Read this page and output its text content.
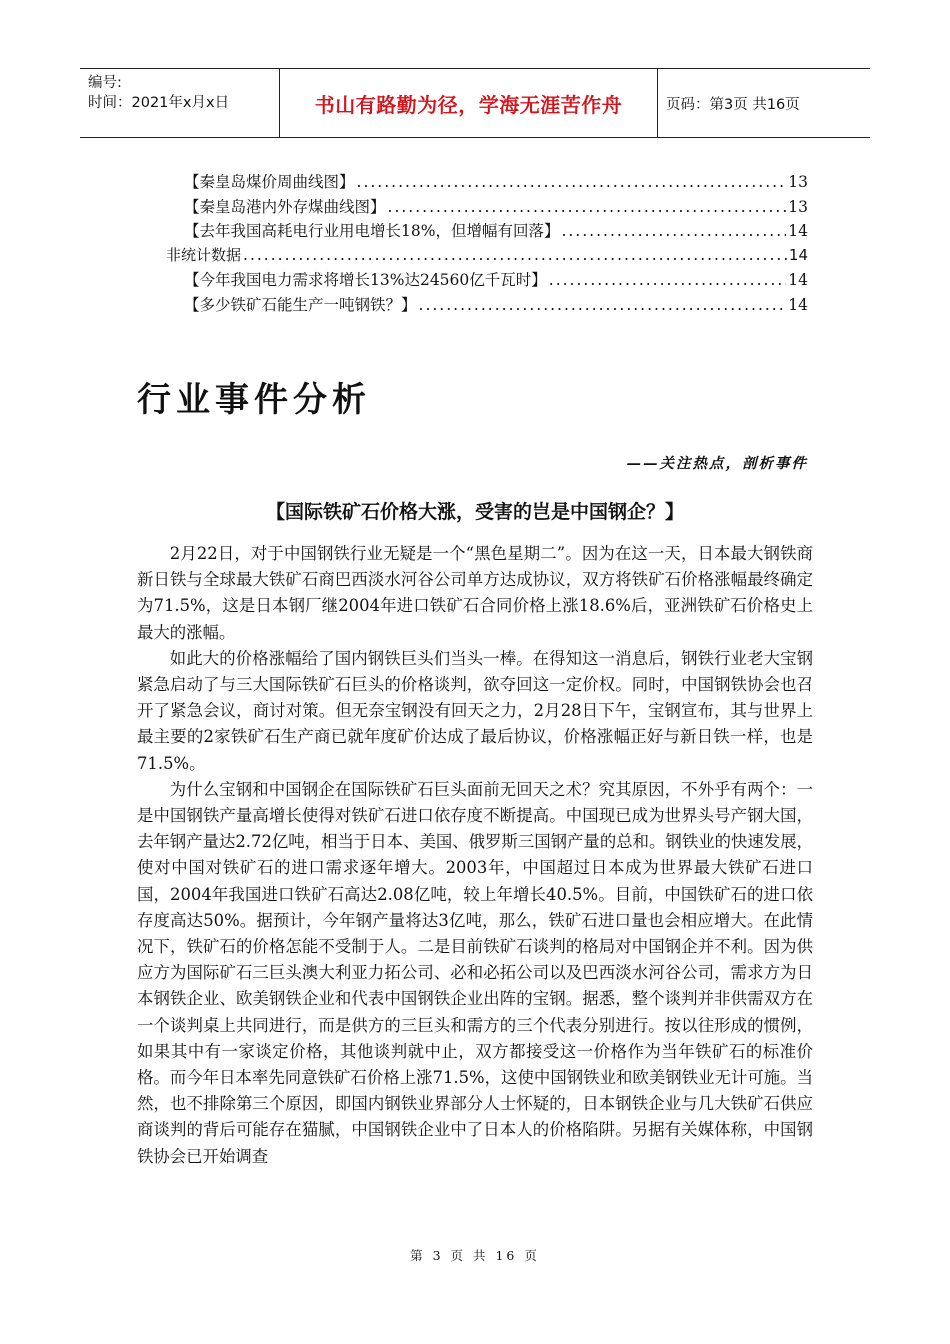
编号:
时间：2021年x月x日	书山有路勤为径，学海无涯苦作舟	页码：第3页 共16页
【秦皇岛煤价周曲线图】 .....	13
【秦皇岛港内外存煤曲线图】 .....	13
【去年我国高耗电行业用电增长18%，但增幅有回落】 .....	14
非统计数据 .....	14
【今年我国电力需求将增长13%达24560亿千瓦时】 .....	14
【多少铁矿石能生产一吨钢铁？】 .....	14
行业事件分析
——关注热点，剖析事件
【国际铁矿石价格大涨，受害的岂是中国钢企？】

2月22日，对于中国钢铁行业无疑是一个“黑色星期二”。因为在这一天，日本最大钢铁商新日铁与全球最大铁矿石商巴西淡水河谷公司单方达成协议，双方将铁矿石价格涨幅最终确定为71.5%，这是日本钢厂继2004年进口铁矿石合同价格上涨18.6%后，亚洲铁矿石价格史上最大的涨幅。

如此大的价格涨幅给了国内钢铁巨头们当头一棒。在得知这一消息后，钢铁行业老大宝钢紧急启动了与三大国际铁矿石巨头的价格谈判，欲夺回这一定价权。同时，中国钢铁协会也召开了紧急会议，商讨对策。但无奈宝钢没有回天之力，2月28日下午，宝钢宣布，其与世界上最主要的2家铁矿石生产商已就年度矿价达成了最后协议，价格涨幅正好与新日铁一样，也是71.5%。

为什么宝钢和中国钢企在国际铁矿石巨头面前无回天之术？究其原因，不外乎有两个：一是中国钢铁产量高增长使得对铁矿石进口依存度不断提高。中国现已成为世界头号产钢大国，去年钢产量达2.72亿吨，相当于日本、美国、俄罗斯三国钢产量的总和。钢铁业的快速发展，使对中国对铁矿石的进口需求逐年增大。2003年，中国超过日本成为世界最大铁矿石进口国，2004年我国进口铁矿石高达2.08亿吨，较上年增长40.5%。目前，中国铁矿石的进口依存度高达50%。据预计，今年钢产量将达3亿吨，那么，铁矿石进口量也会相应增大。在此情况下，铁矿石的价格怎能不受制于人。二是目前铁矿石谈判的格局对中国钢企并不利。因为供应方为国际矿石三巨头澳大利亚力拓公司、必和必拓公司以及巴西淡水河谷公司，需求方为日本钢铁企业、欧美钢铁企业和代表中国钢铁企业出阵的宝钢。据悉，整个谈判并非供需双方在一个谈判桌上共同进行，而是供方的三巨头和需方的三个代表分别进行。按以往形成的惯例，如果其中有一家谈定价格，其他谈判就中止，双方都接受这一价格作为当年铁矿石的标准价格。而今年日本率先同意铁矿石价格上涨71.5%，这使中国钢铁业和欧美钢铁业无计可施。当然，也不排除第三个原因，即国内钢铁业界部分人士怀疑的，日本钢铁企业与几大铁矿石供应商谈判的背后可能存在猫腻，中国钢铁企业中了日本人的价格陷阱。另据有关媒体称，中国钢铁协会已开始调查

第 3 页 共 16 页
